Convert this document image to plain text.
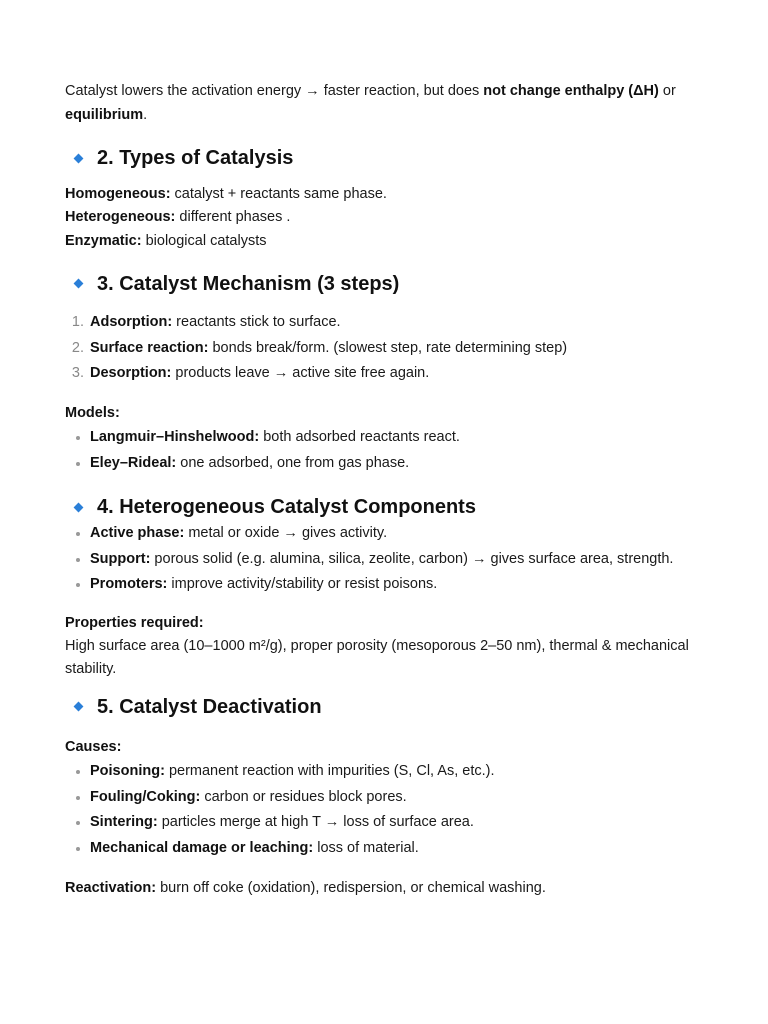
Catalyst lowers the activation energy → faster reaction, but does not change enthalpy (ΔH) or
equilibrium.

2. Types of Catalysis
Homogeneous: catalyst + reactants same phase.
Heterogeneous: different phases .
Enzymatic: biological catalysts
3. Catalyst Mechanism (3 steps)
1. Adsorption: reactants stick to surface.
2. Surface reaction: bonds break/form. (slowest step, rate determining step)
3. Desorption: products leave → active site free again.

Models:

Langmuir–Hinshelwood: both adsorbed reactants react.
Eley–Rideal: one adsorbed, one from gas phase.
4. Heterogeneous Catalyst Components
Active phase: metal or oxide → gives activity.
Support: porous solid (e.g. alumina, silica, zeolite, carbon) → gives surface area, strength.
Promoters: improve activity/stability or resist poisons.

Properties required:
High surface area (10–1000 m²/g), proper porosity (mesoporous 2–50 nm), thermal & mechanical stability.

5. Catalyst Deactivation

Causes:

Poisoning: permanent reaction with impurities (S, Cl, As, etc.).
Fouling/Coking: carbon or residues block pores.
Sintering: particles merge at high T → loss of surface area.
Mechanical damage or leaching: loss of material.

Reactivation: burn off coke (oxidation), redispersion, or chemical washing.
